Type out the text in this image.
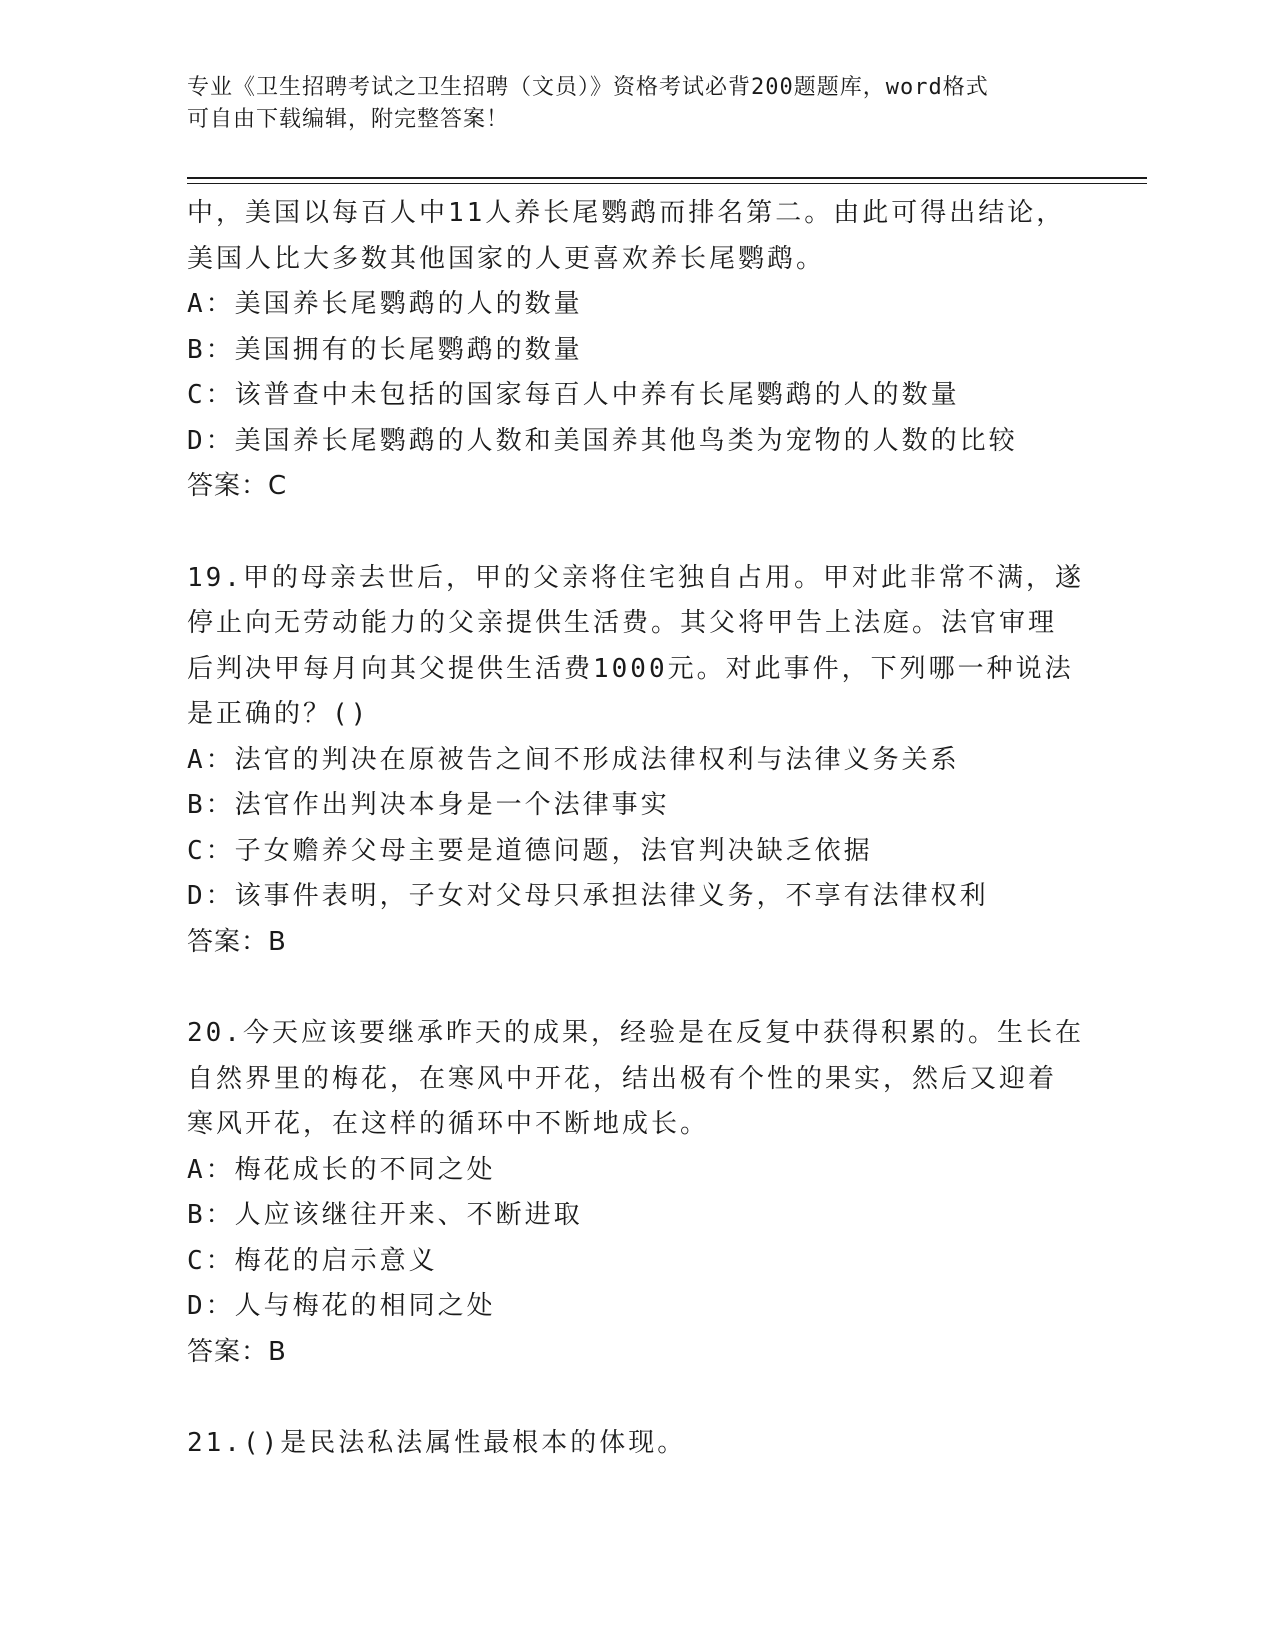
专业《卫生招聘考试之卫生招聘（文员）》资格考试必背200题题库，word格式
可自由下载编辑，附完整答案！
中，美国以每百人中11人养长尾鹦鹉而排名第二。由此可得出结论，
美国人比大多数其他国家的人更喜欢养长尾鹦鹉。
A：美国养长尾鹦鹉的人的数量
B：美国拥有的长尾鹦鹉的数量
C：该普查中未包括的国家每百人中养有长尾鹦鹉的人的数量
D：美国养长尾鹦鹉的人数和美国养其他鸟类为宠物的人数的比较
答案：C
19.甲的母亲去世后，甲的父亲将住宅独自占用。甲对此非常不满，遂
停止向无劳动能力的父亲提供生活费。其父将甲告上法庭。法官审理
后判决甲每月向其父提供生活费1000元。对此事件，下列哪一种说法
是正确的？()
A：法官的判决在原被告之间不形成法律权利与法律义务关系
B：法官作出判决本身是一个法律事实
C：子女赡养父母主要是道德问题，法官判决缺乏依据
D：该事件表明，子女对父母只承担法律义务，不享有法律权利
答案：B
20.今天应该要继承昨天的成果，经验是在反复中获得积累的。生长在
自然界里的梅花，在寒风中开花，结出极有个性的果实，然后又迎着
寒风开花，在这样的循环中不断地成长。
A：梅花成长的不同之处
B：人应该继往开来、不断进取
C：梅花的启示意义
D：人与梅花的相同之处
答案：B
21.()是民法私法属性最根本的体现。
